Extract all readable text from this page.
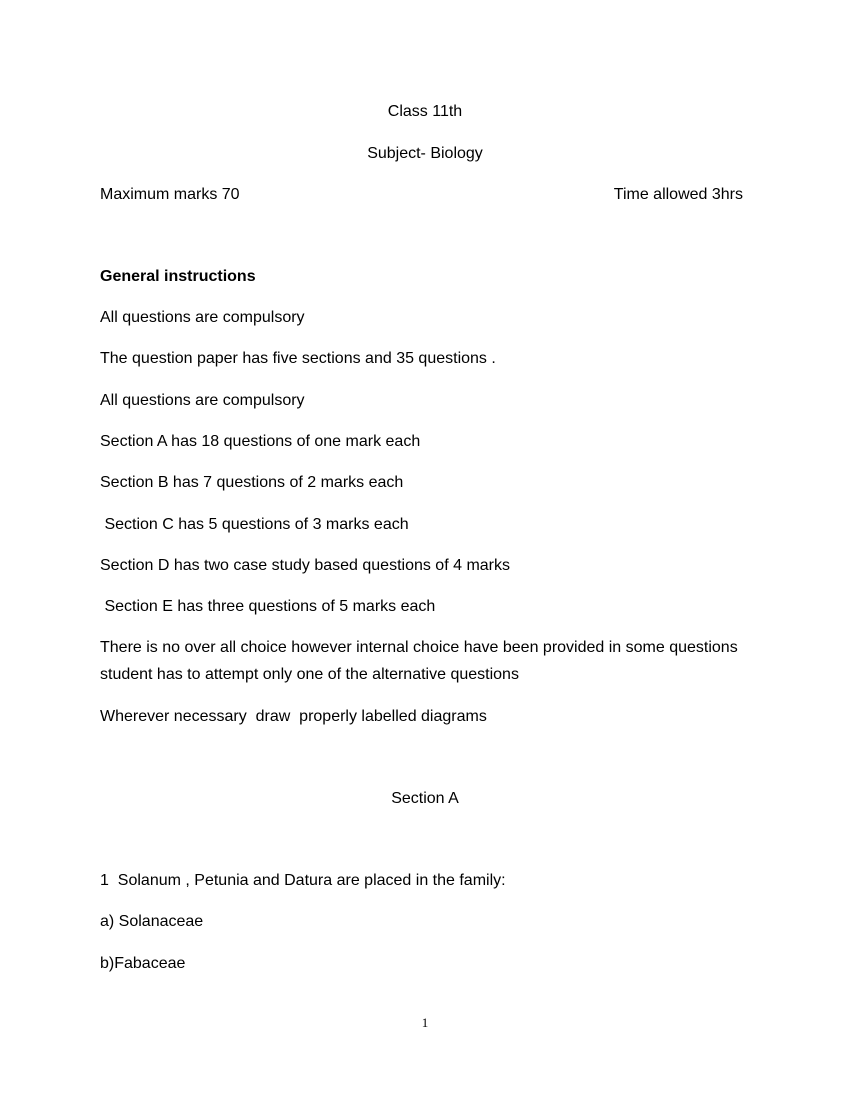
Class 11th
Subject- Biology
Maximum marks 70	Time allowed 3hrs
General instructions
All questions are compulsory
The question paper has five sections and 35 questions .
All questions are compulsory
Section A has 18 questions of one mark each
Section B has 7 questions of 2 marks each
Section C has 5 questions of 3 marks each
Section D has two case study based questions of 4 marks
Section E has three questions of 5 marks each
There is no over all choice however internal choice have been provided in some questions student has to attempt only one of the alternative questions
Wherever necessary  draw  properly labelled diagrams
Section A
1  Solanum , Petunia and Datura are placed in the family:
a) Solanaceae
b)Fabaceae
1
